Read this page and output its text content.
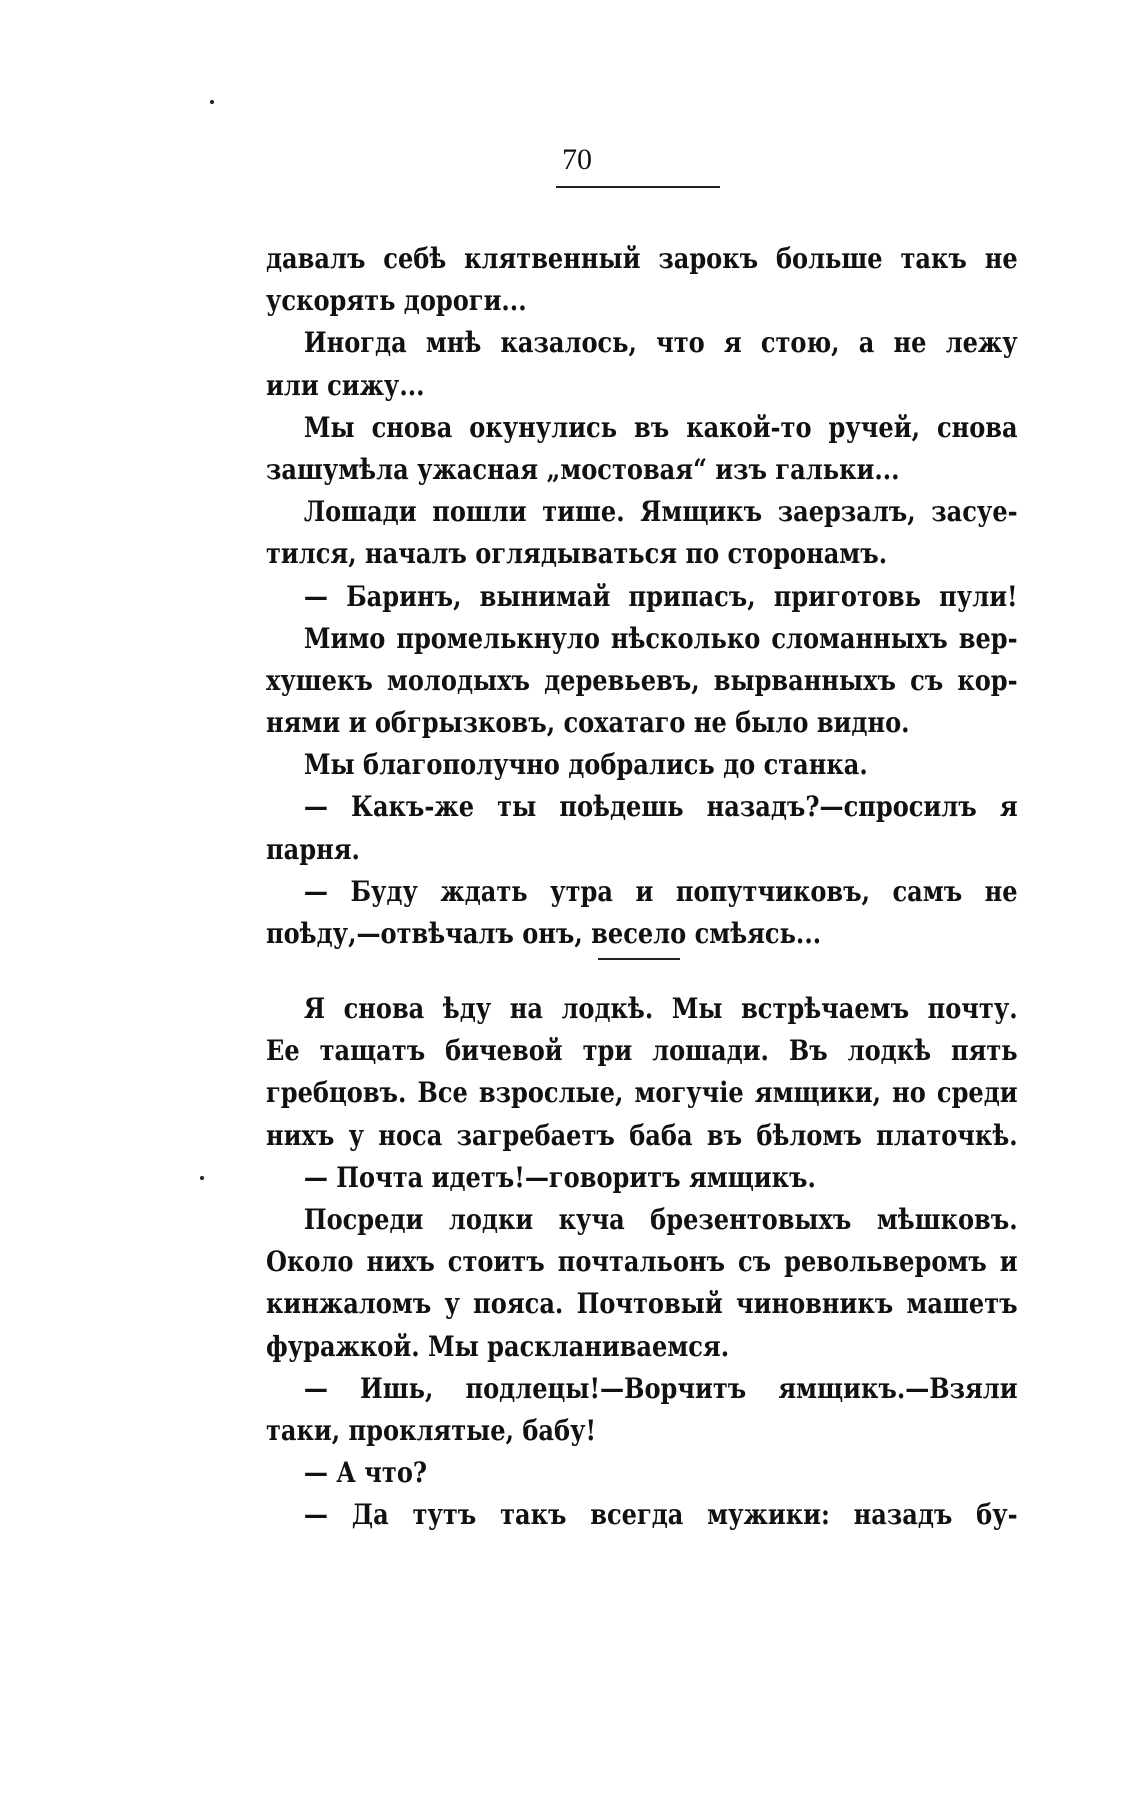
70
давалъ себѣ клятвенный зарокъ больше такъ не
ускорять дороги...
Иногда мнѣ казалось, что я стою, а не лежу
или сижу...
Мы снова окунулись въ какой-то ручей, снова
зашумѣла ужасная „мостовая“ изъ гальки...
Лошади пошли тише. Ямщикъ заерзалъ, засуе-
тился, началъ оглядываться по сторонамъ.
— Баринъ, вынимай припасъ, приготовь пули!
Мимо промелькнуло нѣсколько сломанныхъ вер-
хушекъ молодыхъ деревьевъ, вырванныхъ съ кор-
нями и обгрызковъ, сохатаго не было видно.
Мы благополучно добрались до станка.
— Какъ-же ты поѣдешь назадъ?—спросилъ я
парня.
— Буду ждать утра и попутчиковъ, самъ не
поѣду,—отвѣчалъ онъ, весело смѣясь...
Я снова ѣду на лодкѣ. Мы встрѣчаемъ почту.
Ее тащатъ бичевой три лошади. Въ лодкѣ пять
гребцовъ. Все взрослые, могучіе ямщики, но среди
нихъ у носа загребаетъ баба въ бѣломъ платочкѣ.
— Почта идетъ!—говоритъ ямщикъ.
Посреди лодки куча брезентовыхъ мѣшковъ.
Около нихъ стоитъ почтальонъ съ револьверомъ и
кинжаломъ у пояса. Почтовый чиновникъ машетъ
фуражкой. Мы раскланиваемся.
— Ишь, подлецы!—Ворчитъ ямщикъ.—Взяли
таки, проклятые, бабу!
— А что?
— Да тутъ такъ всегда мужики: назадъ бу-
